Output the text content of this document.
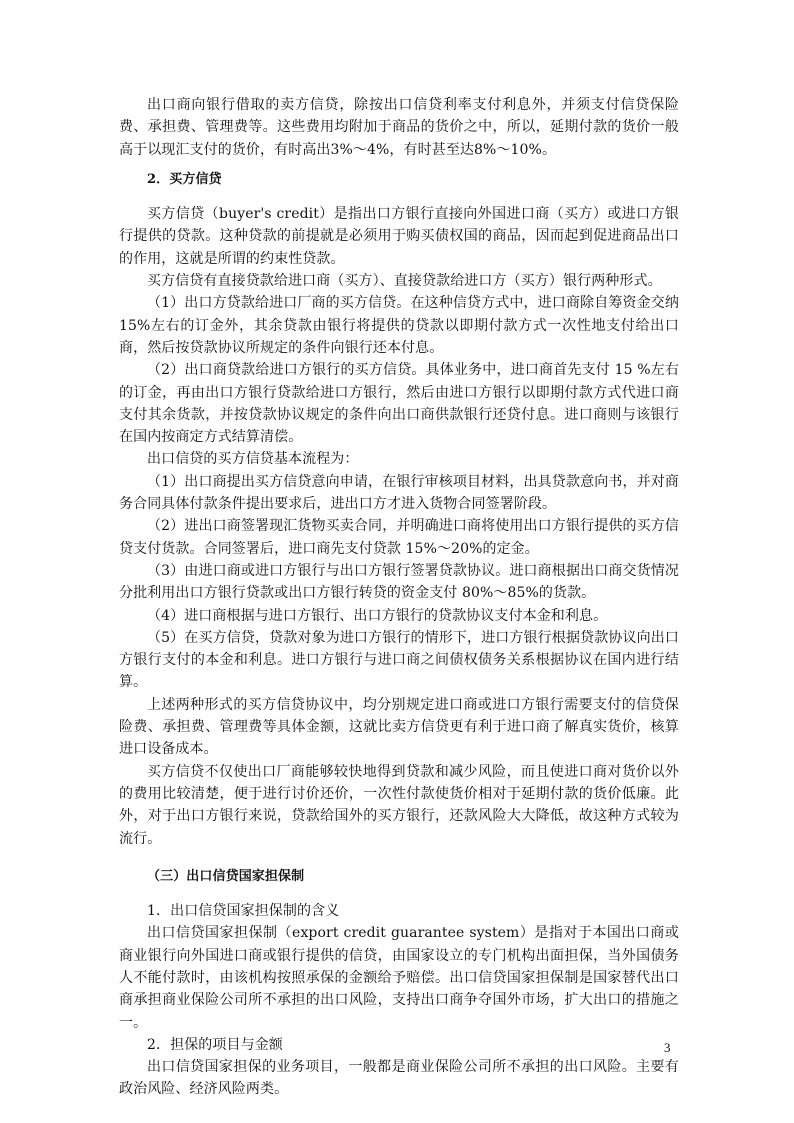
出口商向银行借取的卖方信贷，除按出口信贷利率支付利息外，并须支付信贷保险费、承担费、管理费等。这些费用均附加于商品的货价之中，所以，延期付款的货价一般高于以现汇支付的货价，有时高出3%～4%，有时甚至达8%～10%。

2．买方信贷

买方信贷（buyer's credit）是指出口方银行直接向外国进口商（买方）或进口方银行提供的贷款。这种贷款的前提就是必须用于购买债权国的商品，因而起到促进商品出口的作用，这就是所谓的约束性贷款。

买方信贷有直接贷款给进口商（买方）、直接贷款给进口方（买方）银行两种形式。

（1）出口方贷款给进口厂商的买方信贷。在这种信贷方式中，进口商除自筹资金交纳15%左右的订金外，其余贷款由银行将提供的贷款以即期付款方式一次性地支付给出口商，然后按贷款协议所规定的条件向银行还本付息。

（2）出口商贷款给进口方银行的买方信贷。具体业务中，进口商首先支付 15 %左右的订金，再由出口方银行贷款给进口方银行，然后由进口方银行以即期付款方式代进口商支付其余货款，并按贷款协议规定的条件向出口商供款银行还贷付息。进口商则与该银行在国内按商定方式结算清偿。

出口信贷的买方信贷基本流程为：

（1）出口商提出买方信贷意向申请，在银行审核项目材料，出具贷款意向书，并对商务合同具体付款条件提出要求后，进出口方才进入货物合同签署阶段。

（2）进出口商签署现汇货物买卖合同，并明确进口商将使用出口方银行提供的买方信贷支付货款。合同签署后，进口商先支付贷款 15%～20%的定金。

（3）由进口商或进口方银行与出口方银行签署贷款协议。进口商根据出口商交货情况分批利用出口方银行贷款或出口方银行转贷的资金支付 80%～85%的货款。

（4）进口商根据与进口方银行、出口方银行的贷款协议支付本金和利息。

（5）在买方信贷，贷款对象为进口方银行的情形下，进口方银行根据贷款协议向出口方银行支付的本金和利息。进口方银行与进口商之间债权债务关系根据协议在国内进行结算。

上述两种形式的买方信贷协议中，均分别规定进口商或进口方银行需要支付的信贷保险费、承担费、管理费等具体金额，这就比卖方信贷更有利于进口商了解真实货价，核算进口设备成本。

买方信贷不仅使出口厂商能够较快地得到贷款和减少风险，而且使进口商对货价以外的费用比较清楚，便于进行讨价还价，一次性付款使货价相对于延期付款的货价低廉。此外，对于出口方银行来说，贷款给国外的买方银行，还款风险大大降低，故这种方式较为流行。

（三）出口信贷国家担保制

1．出口信贷国家担保制的含义

出口信贷国家担保制（export credit guarantee system）是指对于本国出口商或商业银行向外国进口商或银行提供的信贷，由国家设立的专门机构出面担保，当外国债务人不能付款时，由该机构按照承保的金额给予赔偿。出口信贷国家担保制是国家替代出口商承担商业保险公司所不承担的出口风险，支持出口商争夺国外市场，扩大出口的措施之一。

2．担保的项目与金额

出口信贷国家担保的业务项目，一般都是商业保险公司所不承担的出口风险。主要有政治风险、经济风险两类。

3
